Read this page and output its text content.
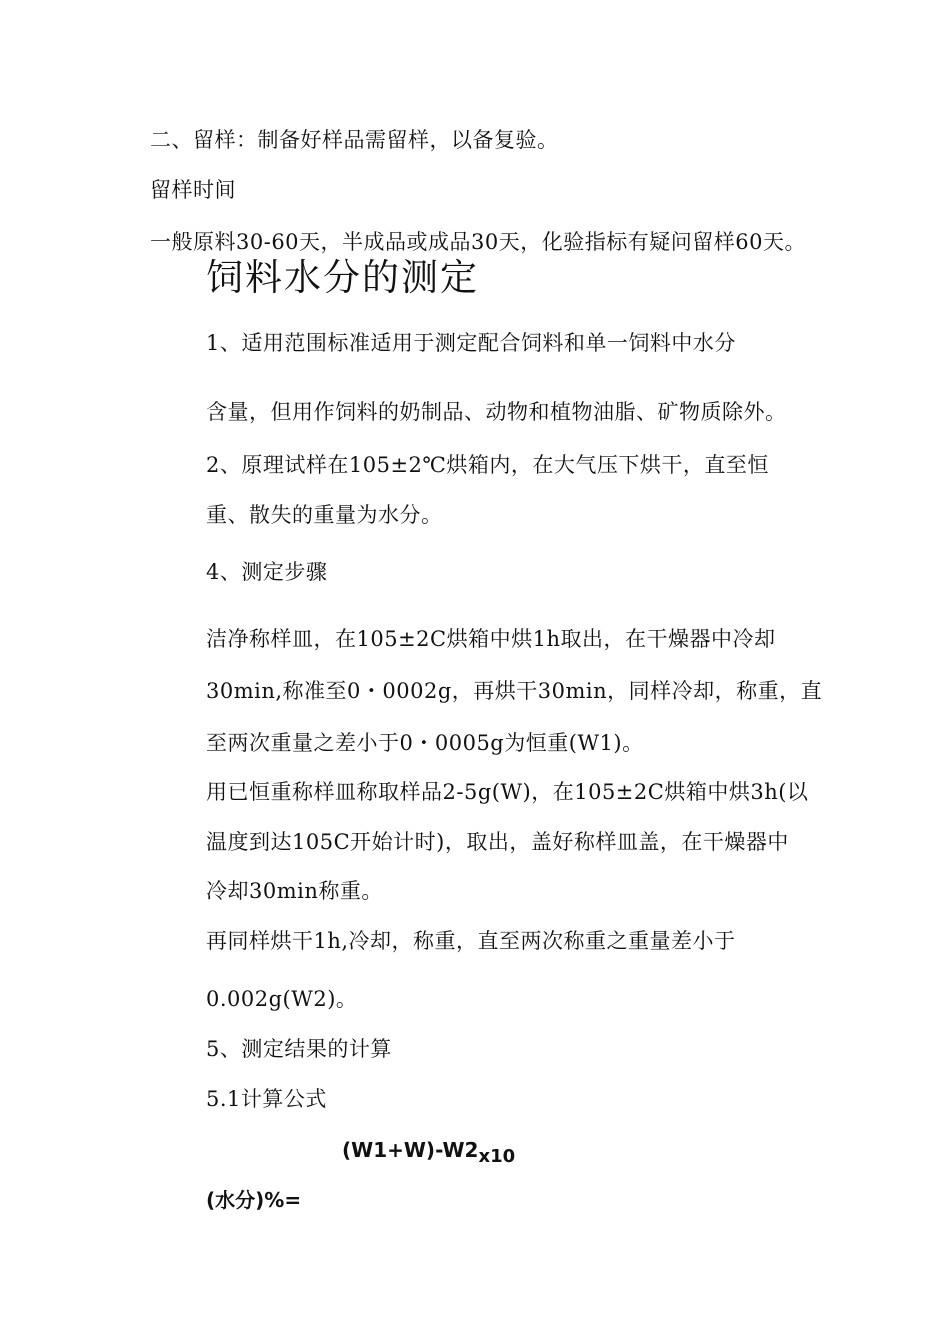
二、留样：制备好样品需留样，以备复验。
留样时间
一般原料30-60天，半成品或成品30天，化验指标有疑问留样60天。
饲料水分的测定
1、适用范围标准适用于测定配合饲料和单一饲料中水分
含量，但用作饲料的奶制品、动物和植物油脂、矿物质除外。
2、原理试样在105±2℃烘箱内，在大气压下烘干，直至恒
重、散失的重量为水分。
4、测定步骤
洁净称样皿，在105±2C烘箱中烘1h取出，在干燥器中冷却
30min,称准至0・0002g，再烘干30min，同样冷却，称重，直
至两次重量之差小于0・0005g为恒重(W1)。
用已恒重称样皿称取样品2-5g(W)，在105±2C烘箱中烘3h(以
温度到达105C开始计时)，取出，盖好称样皿盖，在干燥器中
冷却30min称重。
再同样烘干1h,冷却，称重，直至两次称重之重量差小于
0.002g(W2)。
5、测定结果的计算
5.1计算公式
(W1+W)-W2x10
(水分)%=
